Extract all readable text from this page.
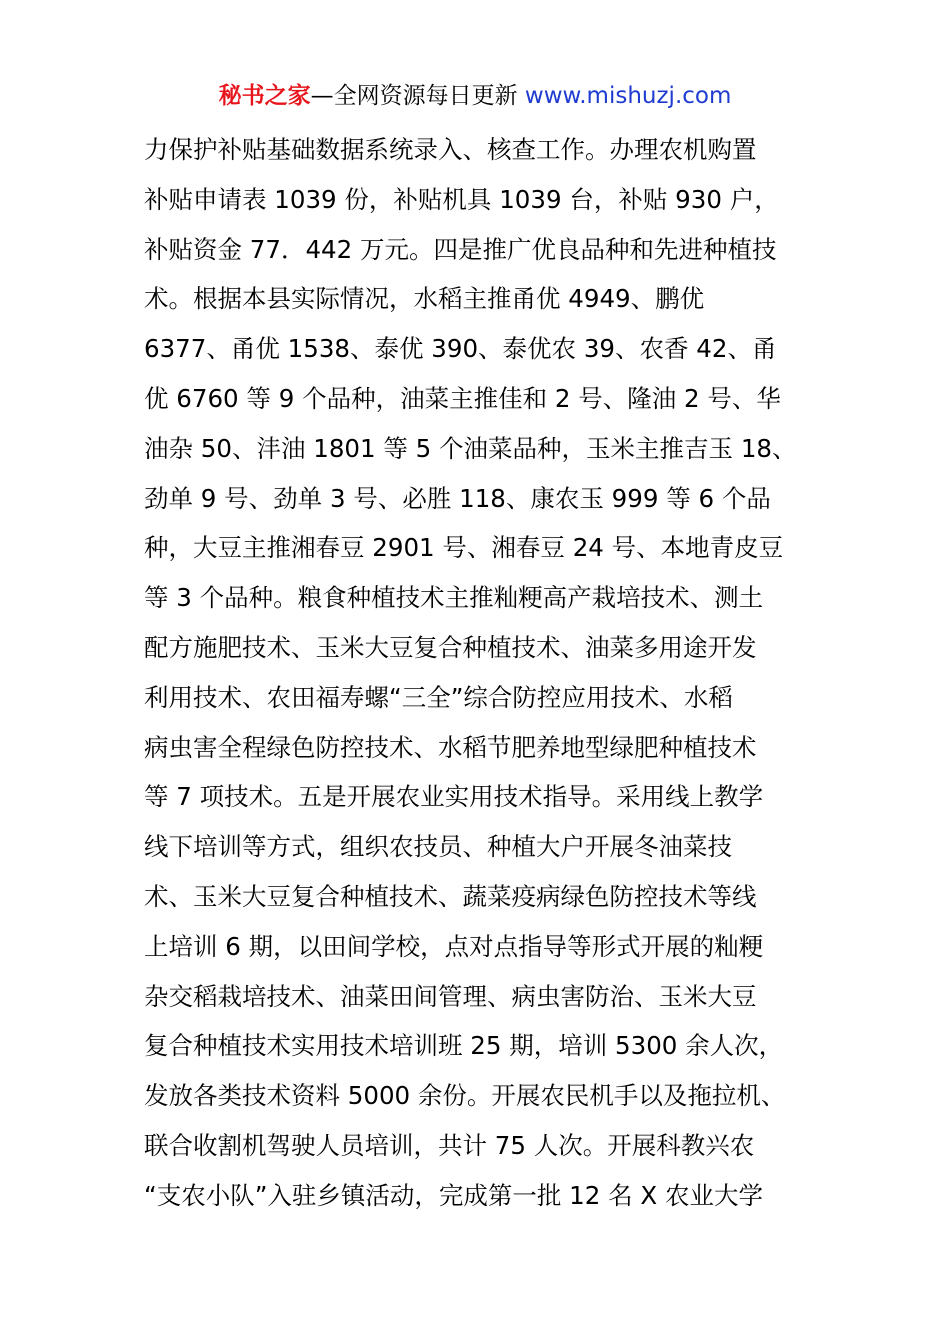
秘书之家—全网资源每日更新 www.mishuzj.com
力保护补贴基础数据系统录入、核查工作。办理农机购置
补贴申请表 1039 份，补贴机具 1039 台，补贴 930 户，
补贴资金 77．442 万元。四是推广优良品种和先进种植技
术。根据本县实际情况，水稻主推甬优 4949、鹏优
6377、甬优 1538、泰优 390、泰优农 39、农香 42、甬
优 6760 等 9 个品种，油菜主推佳和 2 号、隆油 2 号、华
油杂 50、沣油 1801 等 5 个油菜品种，玉米主推吉玉 18、
劲单 9 号、劲单 3 号、必胜 118、康农玉 999 等 6 个品
种，大豆主推湘春豆 2901 号、湘春豆 24 号、本地青皮豆
等 3 个品种。粮食种植技术主推籼粳高产栽培技术、测土
配方施肥技术、玉米大豆复合种植技术、油菜多用途开发
利用技术、农田福寿螺“三全”综合防控应用技术、水稻
病虫害全程绿色防控技术、水稻节肥养地型绿肥种植技术
等 7 项技术。五是开展农业实用技术指导。采用线上教学
线下培训等方式，组织农技员、种植大户开展冬油菜技
术、玉米大豆复合种植技术、蔬菜疫病绿色防控技术等线
上培训 6 期，以田间学校，点对点指导等形式开展的籼粳
杂交稻栽培技术、油菜田间管理、病虫害防治、玉米大豆
复合种植技术实用技术培训班 25 期，培训 5300 余人次，
发放各类技术资料 5000 余份。开展农民机手以及拖拉机、
联合收割机驾驶人员培训，共计 75 人次。开展科教兴农
“支农小队”入驻乡镇活动，完成第一批 12 名 X 农业大学
